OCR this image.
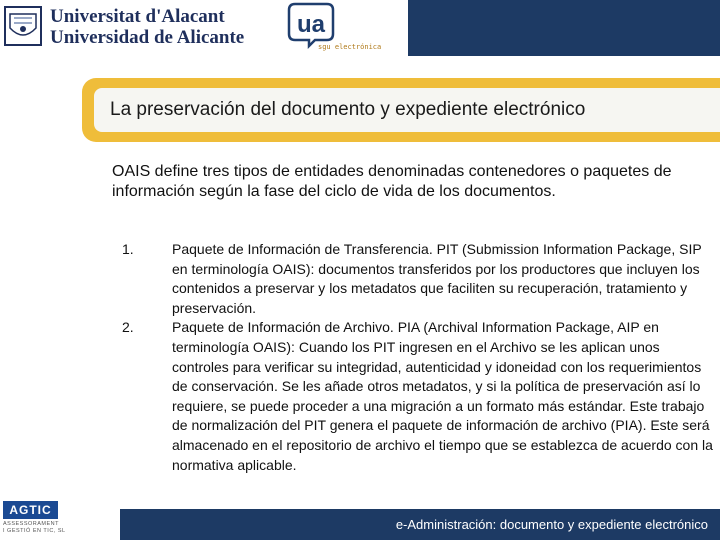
Universitat d'Alacant
Universidad de Alicante ua
sgu electrónica
La preservación del documento y expediente electrónico
OAIS define tres tipos de entidades denominadas contenedores o paquetes de información según la fase del ciclo de vida de los documentos.
1.	Paquete de Información de Transferencia. PIT (Submission Information Package, SIP en terminología OAIS): documentos transferidos por los productores que incluyen los contenidos a preservar y los metadatos que faciliten su recuperación, tratamiento y preservación.
2.	Paquete de Información de Archivo. PIA (Archival Information Package, AIP en terminología OAIS): Cuando los PIT ingresen en el Archivo se les aplican unos controles para verificar su integridad, autenticidad y idoneidad con los requerimientos de conservación. Se les añade otros metadatos, y si la política de preservación así lo requiere, se puede proceder a una migración a un formato más estándar. Este trabajo de normalización del PIT genera el paquete de información de archivo (PIA). Este será almacenado en el repositorio de archivo el tiempo que se establezca de acuerdo con la normativa aplicable.
AGTIC
ASSESSORAMENT
I GESTIÓ EN TIC, SL	e-Administración: documento y expediente electrónico
